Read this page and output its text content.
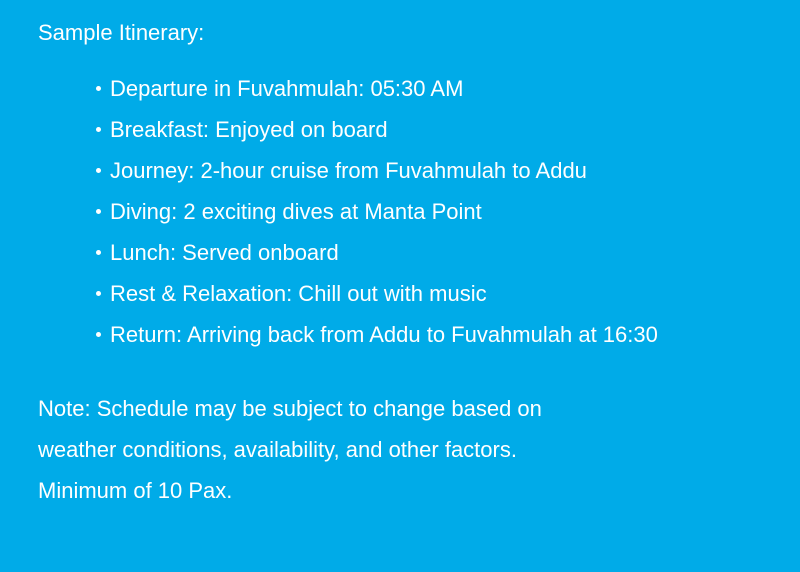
Sample Itinerary:
Departure in Fuvahmulah: 05:30 AM
Breakfast: Enjoyed on board
Journey: 2-hour cruise from Fuvahmulah to Addu
Diving: 2 exciting dives at Manta Point
Lunch: Served onboard
Rest & Relaxation: Chill out with music
Return: Arriving back from Addu to Fuvahmulah at 16:30
Note: Schedule may be subject to change based on
weather conditions, availability, and other factors.
Minimum of 10 Pax.
